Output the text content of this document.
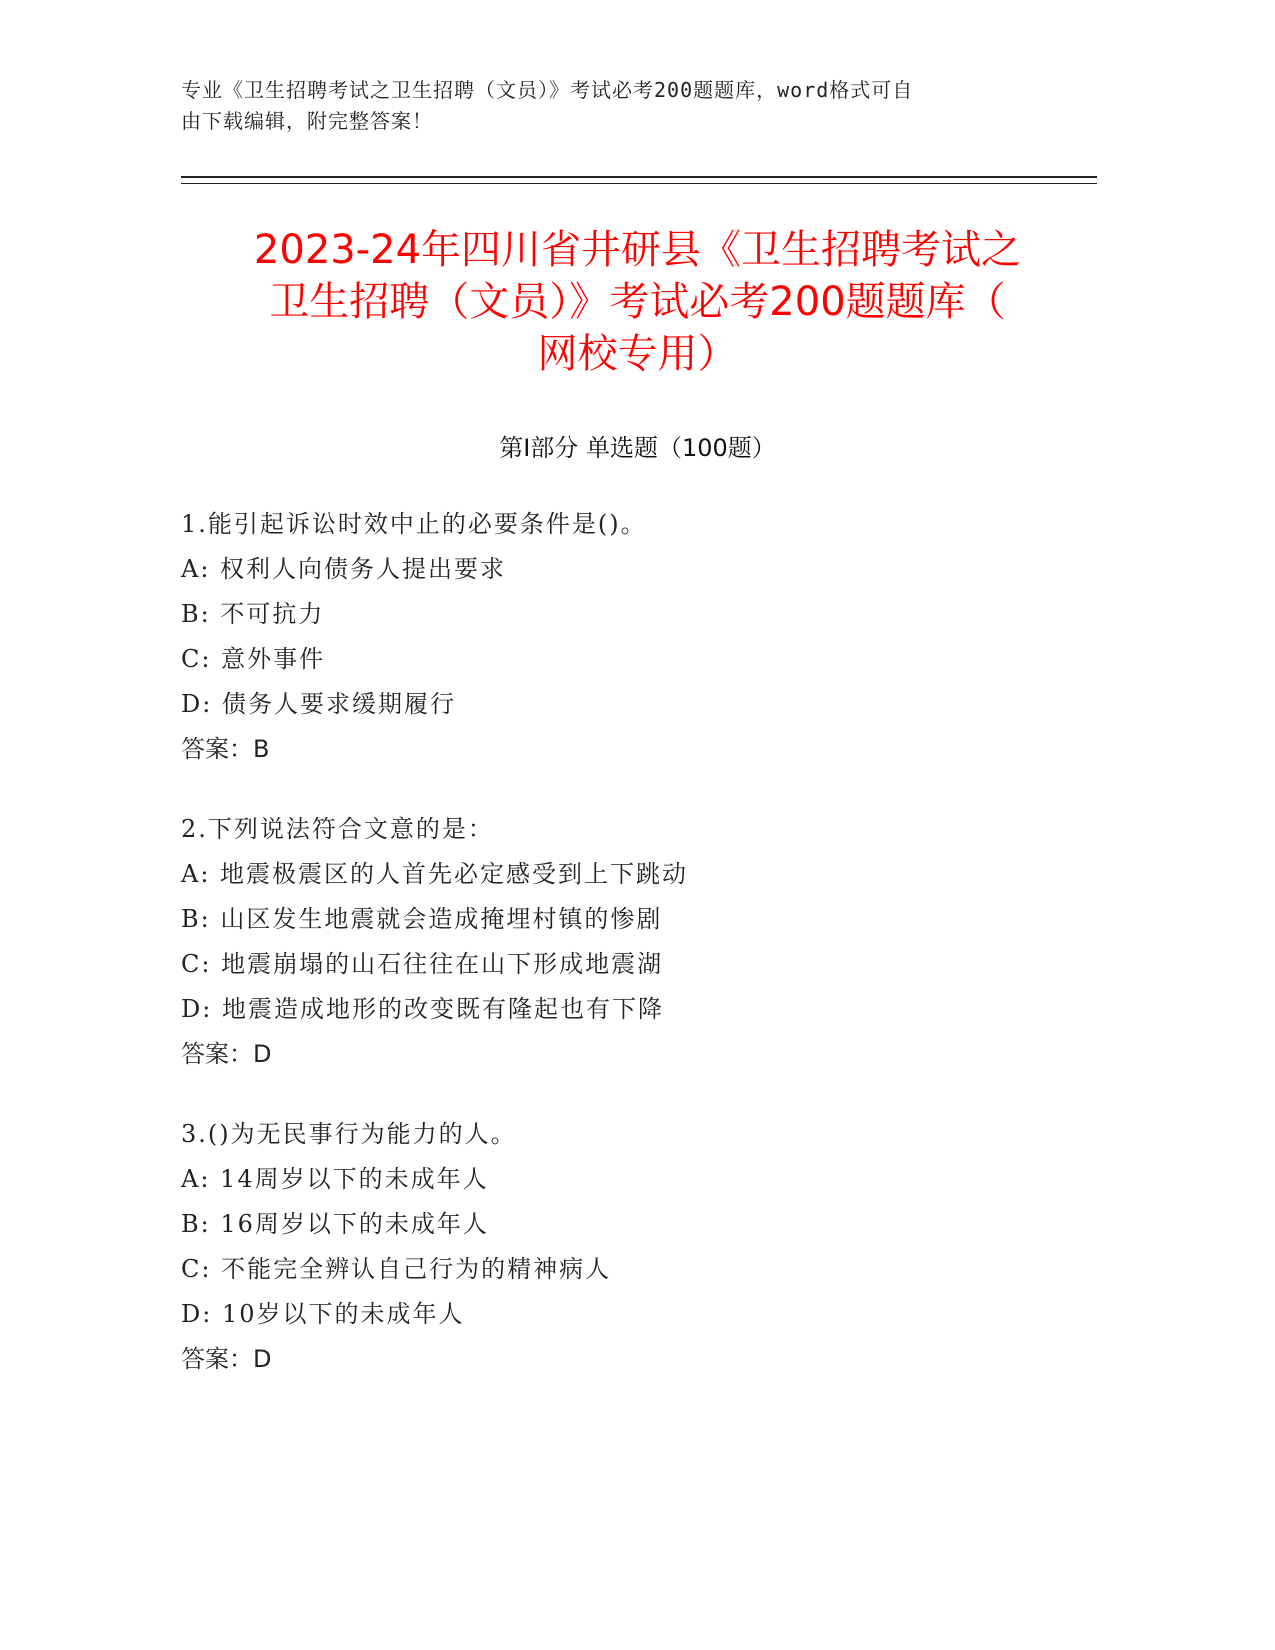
专业《卫生招聘考试之卫生招聘（文员）》考试必考200题题库，word格式可自
由下载编辑，附完整答案！
2023-24年四川省井研县《卫生招聘考试之
卫生招聘（文员）》考试必考200题题库（
网校专用）
第Ⅰ部分 单选题（100题）
1.能引起诉讼时效中止的必要条件是()。
A: 权利人向债务人提出要求
B: 不可抗力
C: 意外事件
D: 债务人要求缓期履行
答案：B
2.下列说法符合文意的是：
A: 地震极震区的人首先必定感受到上下跳动
B: 山区发生地震就会造成掩埋村镇的惨剧
C: 地震崩塌的山石往往在山下形成地震湖
D: 地震造成地形的改变既有隆起也有下降
答案：D
3.()为无民事行为能力的人。
A: 14周岁以下的未成年人
B: 16周岁以下的未成年人
C: 不能完全辨认自己行为的精神病人
D: 10岁以下的未成年人
答案：D
